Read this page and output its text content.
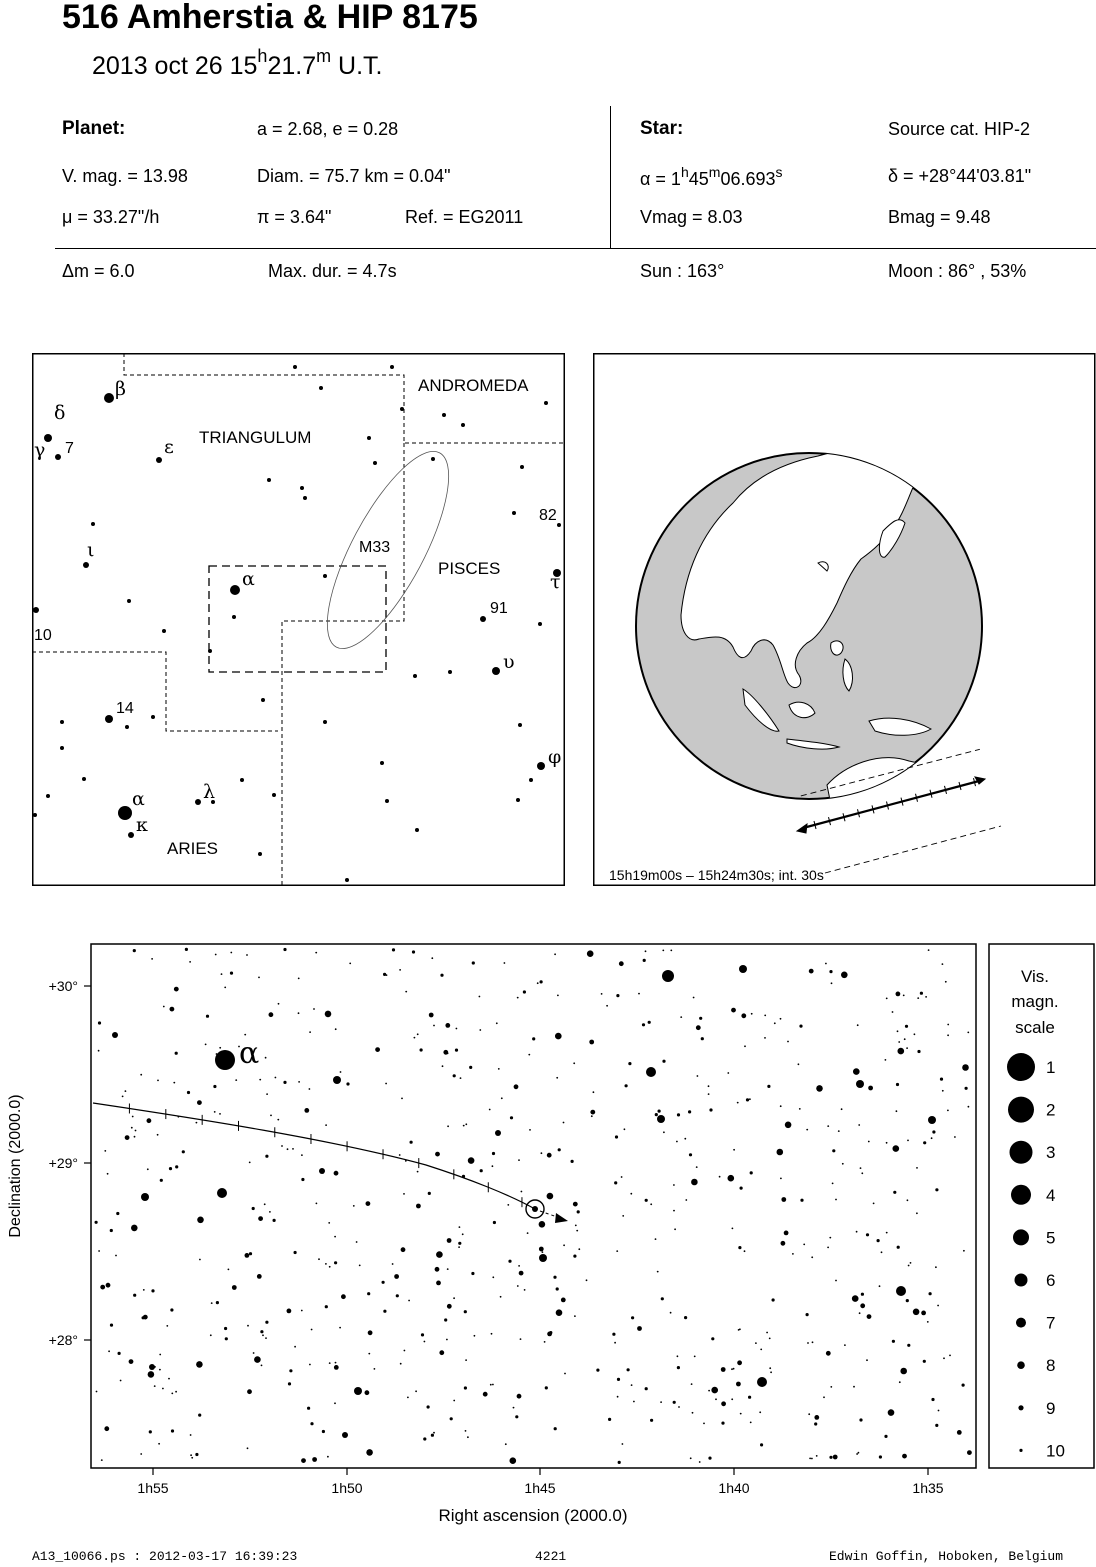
516 Amherstia & HIP 8175
2013 oct 26 15$^h$21.7$^m$ U.T.
Planet:	a = 2.68, e = 0.28
V. mag. = 13.98	Diam. = 75.7 km = 0.04"
μ = 33.27"/h	π = 3.64"	Ref. = EG2011
Star:	Source cat. HIP-2
$\alpha = 1^h45^m06.693^s$	δ = +28°44'03.81"
Vmag = 8.03	Bmag = 9.48
Δm = 6.0	Max. dur. = 4.7s	Sun : 163°	Moon : 86° , 53%
ANDROMEDA
TRIANGULUM
PISCES
ARIES
M33
β
δ
γ 7	ε
ι
α
10
14
α
κ
λ
82
τ
91
υ
φ
15h19m00s – 15h24m30s; int. 30s
+30°
+29°
+28°
1h55	1h50	1h45	1h40	1h35
α
Right ascension (2000.0)
Declination (2000.0)
Vis.
magn.
scale
1
2
3
4
5
6
7
8
9
10
A13_10066.ps : 2012-03-17 16:39:23	4221	Edwin Goffin, Hoboken, Belgium
